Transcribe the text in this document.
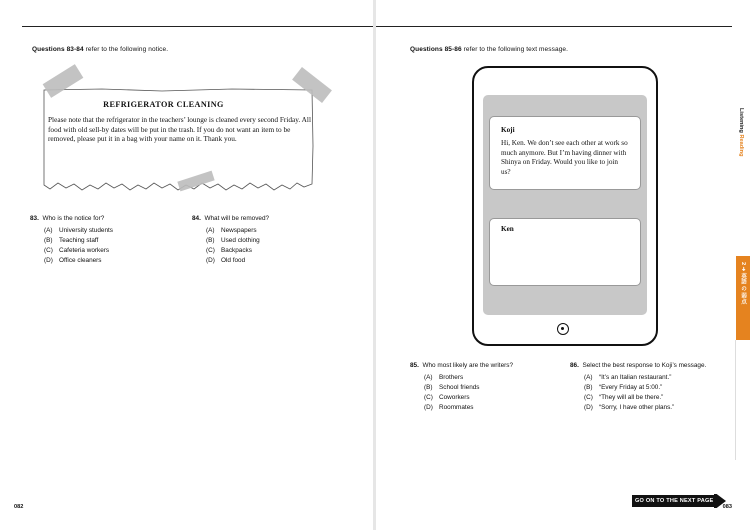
Questions 83-84 refer to the following notice.
REFRIGERATOR CLEANING
Please note that the refrigerator in the teachers’ lounge is cleaned every second Friday. All food with old sell-by dates will be put in the trash. If you do not want an item to be removed, please put it in a bag with your name on it. Thank you.
83. Who is the notice for?
(A) University students
(B) Teaching staff
(C) Cafeteria workers
(D) Office cleaners
84. What will be removed?
(A) Newspapers
(B) Used clothing
(C) Backpacks
(D) Old food
082
Questions 85-86 refer to the following text message.
Koji
Hi, Ken. We don’t see each other at work so much anymore. But I’m having dinner with Shinya on Friday. Would you like to join us?
Ken
85. Who most likely are the writers?
(A) Brothers
(B) School friends
(C) Coworkers
(D) Roommates
86. Select the best response to Koji’s message.
(A) “It’s an Italian restaurant.”
(B) “Every Friday at 5:00.”
(C) “They will all be there.”
(D) “Sorry, I have other plans.”
Listening Reading
2 ➜ 英語 の 弱点
GO ON TO THE NEXT PAGE
083
